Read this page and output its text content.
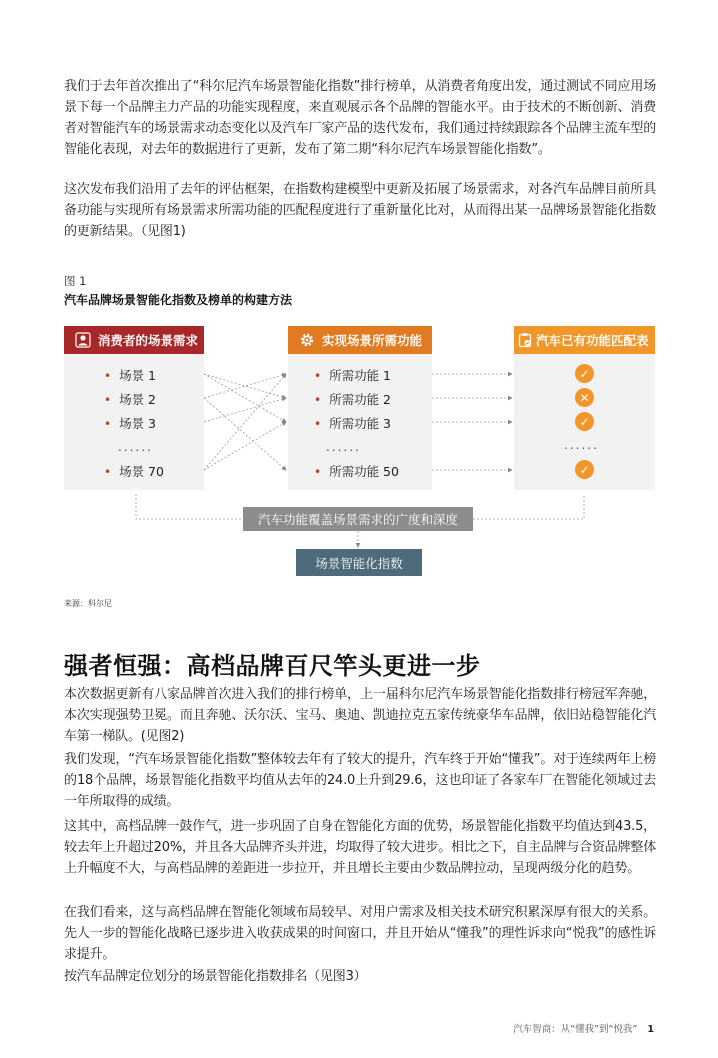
我们于去年首次推出了“科尔尼汽车场景智能化指数”排行榜单，从消费者角度出发，通过测试不同应用场景下每一个品牌主力产品的功能实现程度，来直观展示各个品牌的智能水平。由于技术的不断创新、消费者对智能汽车的场景需求动态变化以及汽车厂家产品的迭代发布，我们通过持续跟踪各个品牌主流车型的智能化表现，对去年的数据进行了更新，发布了第二期“科尔尼汽车场景智能化指数”。

这次发布我们沿用了去年的评估框架，在指数构建模型中更新及拓展了场景需求，对各汽车品牌目前所具备功能与实现所有场景需求所需功能的匹配程度进行了重新量化比对，从而得出某一品牌场景智能化指数的更新结果。（见图1)

图 1

汽车品牌场景智能化指数及榜单的构建方法

消费者的场景需求
• 场景 1
• 场景 2
• 场景 3
......
• 场景 70
实现场景所需功能
• 所需功能 1
• 所需功能 2
• 所需功能 3
......
• 所需功能 50
汽车已有功能匹配表
✓
✕
✓
......
✓
汽车功能覆盖场景需求的广度和深度
场景智能化指数

来源：科尔尼

强者恒强：高档品牌百尺竿头更进一步

本次数据更新有八家品牌首次进入我们的排行榜单，上一届科尔尼汽车场景智能化指数排行榜冠军奔驰，本次实现强势卫冕。而且奔驰、沃尔沃、宝马、奥迪、凯迪拉克五家传统豪华车品牌，依旧站稳智能化汽车第一梯队。(见图2)

我们发现，“汽车场景智能化指数”整体较去年有了较大的提升，汽车终于开始“懂我”。对于连续两年上榜的18个品牌，场景智能化指数平均值从去年的24.0上升到29.6，这也印证了各家车厂在智能化领域过去一年所取得的成绩。

这其中，高档品牌一鼓作气，进一步巩固了自身在智能化方面的优势，场景智能化指数平均值达到43.5，较去年上升超过20%，并且各大品牌齐头并进，均取得了较大进步。相比之下，自主品牌与合资品牌整体上升幅度不大，与高档品牌的差距进一步拉开，并且增长主要由少数品牌拉动，呈现两级分化的趋势。

在我们看来，这与高档品牌在智能化领域布局较早、对用户需求及相关技术研究积累深厚有很大的关系。先人一步的智能化战略已逐步进入收获成果的时间窗口，并且开始从“懂我”的理性诉求向“悦我”的感性诉求提升。

按汽车品牌定位划分的场景智能化指数排名（见图3）

汽车智商：从“懂我”到“悦我” 1
